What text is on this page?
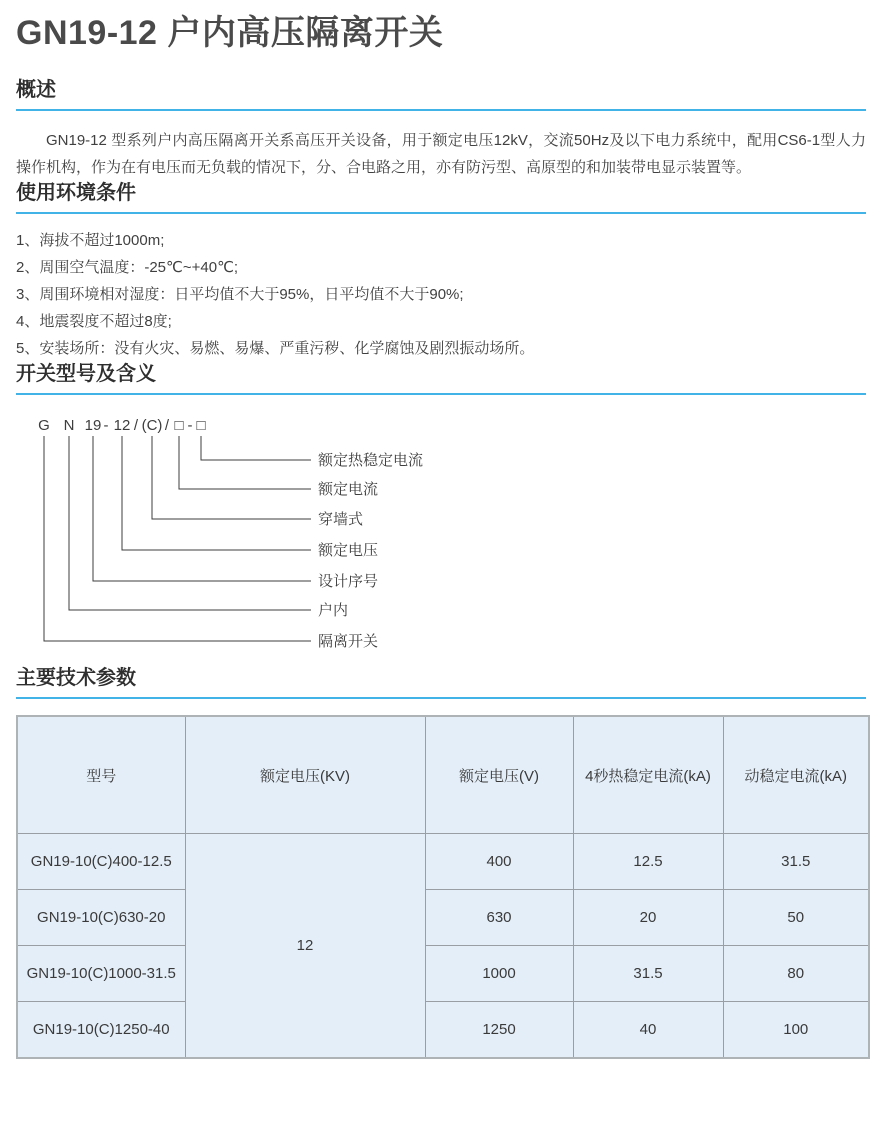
GN19-12 户内高压隔离开关
概述

GN19-12 型系列户内高压隔离开关系高压开关设备，用于额定电压12kV，交流50Hz及以下电力系统中，配用CS6-1型人力操作机构，作为在有电压而无负载的情况下，分、合电路之用，亦有防污型、高原型的和加装带电显示装置等。

使用环境条件
1、海拔不超过1000m;
2、周围空气温度：-25℃~+40℃;
3、周围环境相对湿度：日平均值不大于95%，日平均值不大于90%;
4、地震裂度不超过8度;
5、安装场所：没有火灾、易燃、易爆、严重污秽、化学腐蚀及剧烈振动场所。
开关型号及含义
G N 19 - 12 / (C) / □ - □
额定热稳定电流
额定电流
穿墙式
额定电压
设计序号
户内
隔离开关
主要技术参数
型号	额定电压(KV)	额定电压(V)	4秒热稳定电流(kA)	动稳定电流(kA)
GN19-10(C)400-12.5	12	400	12.5	31.5
GN19-10(C)630-20		630	20	50
GN19-10(C)1000-31.5		1000	31.5	80
GN19-10(C)1250-40		1250	40	100
